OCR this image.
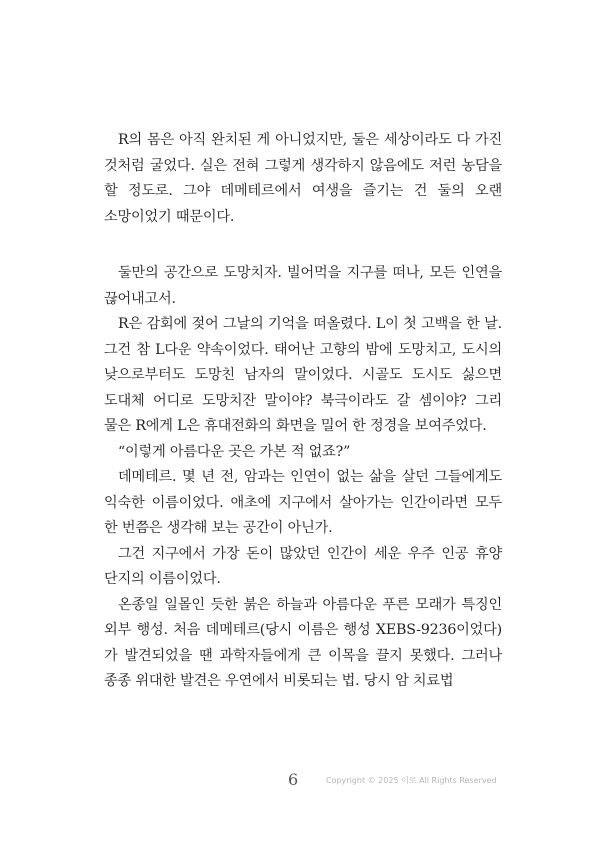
R의 몸은 아직 완치된 게 아니었지만, 둘은 세상이라도 다 가진 것처럼 굴었다. 실은 전혀 그렇게 생각하지 않음에도 저런 농담을 할 정도로. 그야 데메테르에서 여생을 즐기는 건 둘의 오랜 소망이었기 때문이다.

둘만의 공간으로 도망치자. 빌어먹을 지구를 떠나, 모든 인연을 끊어내고서.

R은 감회에 젖어 그날의 기억을 떠올렸다. L이 첫 고백을 한 날. 그건 참 L다운 약속이었다. 태어난 고향의 밤에 도망치고, 도시의 낮으로부터도 도망친 남자의 말이었다. 시골도 도시도 싫으면 도대체 어디로 도망치잔 말이야? 북극이라도 갈 셈이야? 그리 물은 R에게 L은 휴대전화의 화면을 밀어 한 정경을 보여주었다.

“이렇게 아름다운 곳은 가본 적 없죠?”

데메테르. 몇 년 전, 암과는 인연이 없는 삶을 살던 그들에게도 익숙한 이름이었다. 애초에 지구에서 살아가는 인간이라면 모두 한 번쯤은 생각해 보는 공간이 아닌가.

그건 지구에서 가장 돈이 많았던 인간이 세운 우주 인공 휴양 단지의 이름이었다.

온종일 일몰인 듯한 붉은 하늘과 아름다운 푸른 모래가 특징인 외부 행성. 처음 데메테르(당시 이름은 행성 XEBS-9236이었다)가 발견되었을 땐 과학자들에게 큰 이목을 끌지 못했다. 그러나 종종 위대한 발견은 우연에서 비롯되는 법. 당시 암 치료법

6	Copyright © 2025 이로 All Rights Reserved
